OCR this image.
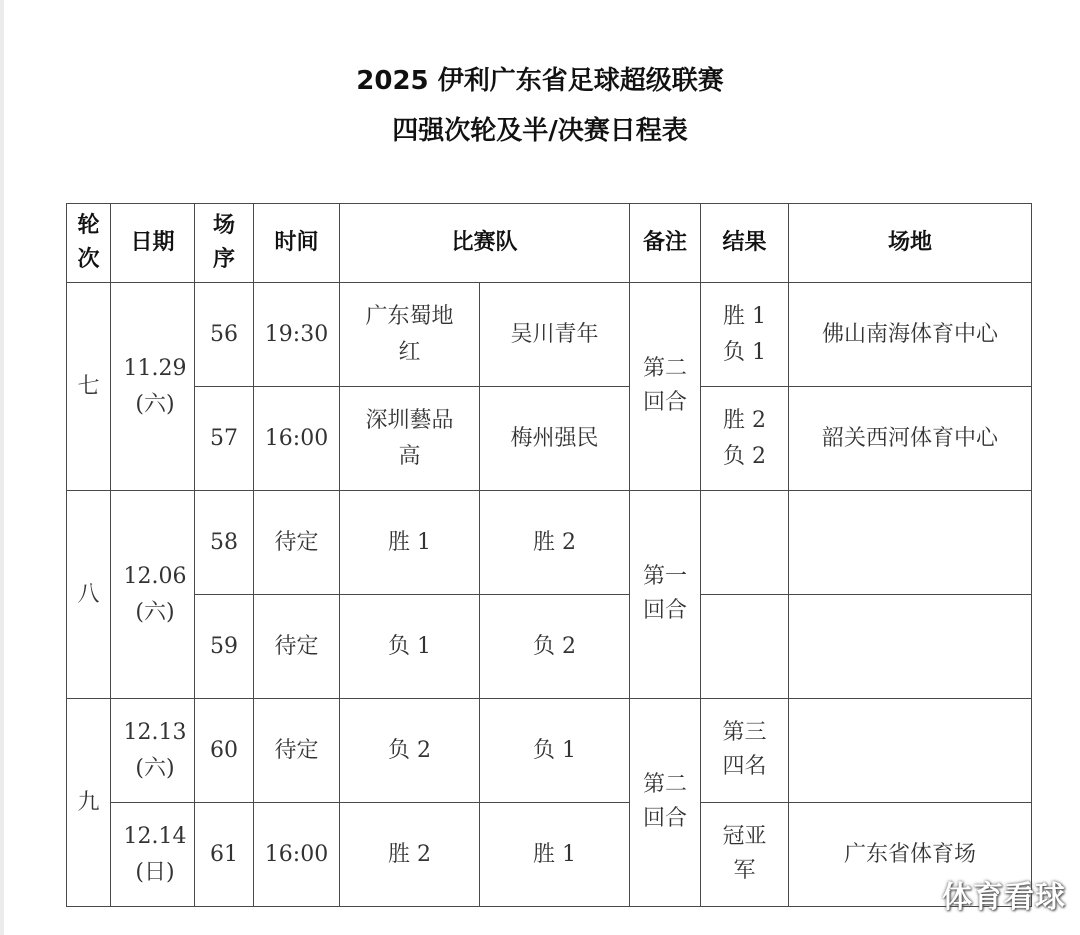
2025 伊利广东省足球超级联赛
四强次轮及半/决赛日程表
轮次	日期	场序	时间	比赛队		备注	结果	场地
七	11.29 (六)	56	19:30	广东蜀地红	吴川青年	第二回合	胜 1 负 1	佛山南海体育中心
		57	16:00	深圳藝品高	梅州强民		胜 2 负 2	韶关西河体育中心
八	12.06 (六)	58	待定	胜 1	胜 2	第一回合		
		59	待定	负 1	负 2			
九	12.13 (六)	60	待定	负 2	负 1	第二回合	第三四名	
	12.14 (日)	61	16:00	胜 2	胜 1		冠亚军	广东省体育场
体育看球
